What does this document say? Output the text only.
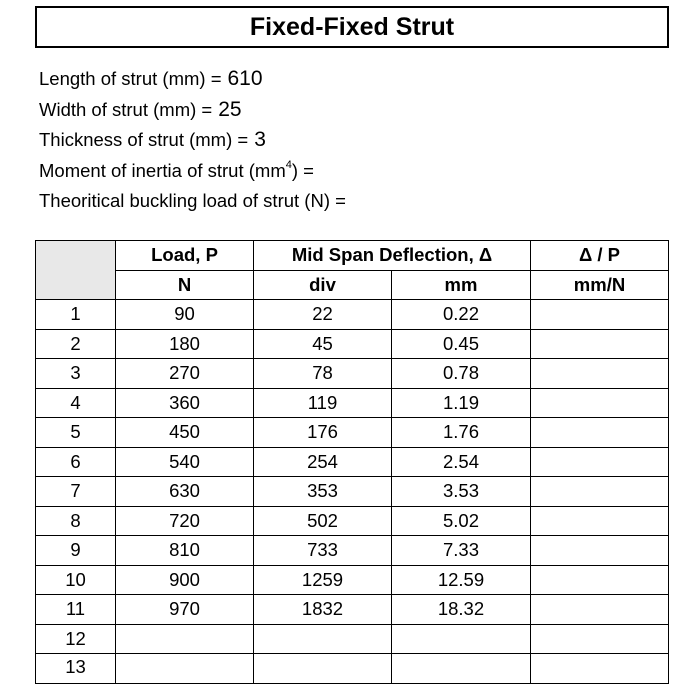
Fixed-Fixed Strut
Length of strut (mm) = 610
Width of strut (mm) = 25
Thickness of strut (mm) = 3
Moment of inertia of strut $(mm^4)$ =
Theoritical buckling load of strut (N) =
	Load, P	Mid Span Deflection, Δ		Δ / P
	N	div	mm	mm/N
1	90	22	0.22	
2	180	45	0.45	
3	270	78	0.78	
4	360	119	1.19	
5	450	176	1.76	
6	540	254	2.54	
7	630	353	3.53	
8	720	502	5.02	
9	810	733	7.33	
10	900	1259	12.59	
11	970	1832	18.32	
12				
13				
